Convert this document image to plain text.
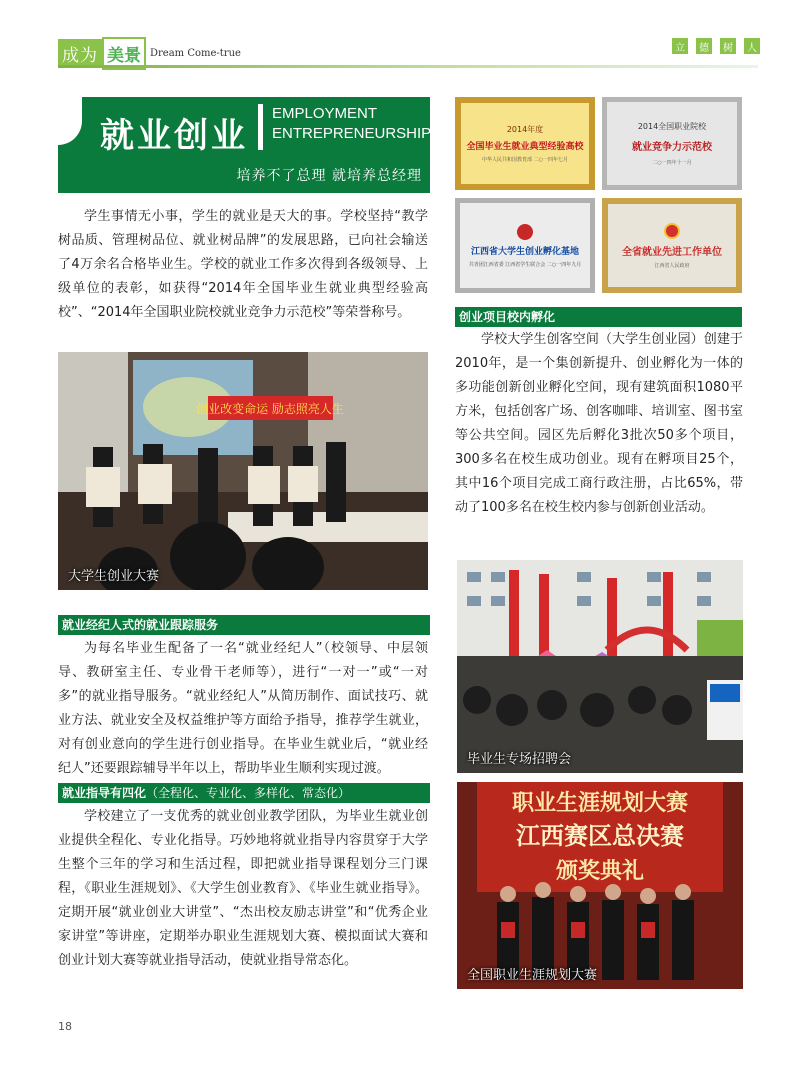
成为 美景 Dream Come-true	立	德	树	人
就业创业
EMPLOYMENT
ENTREPRENEURSHIP
培养不了总理 就培养总经理

学生事情无小事，学生的就业是天大的事。学校坚持“教学树品质、管理树品位、就业树品牌”的发展思路，已向社会输送了4万余名合格毕业生。学校的就业工作多次得到各级领导、上级单位的表彰，如获得“2014年全国毕业生就业典型经验高校”、“2014年全国职业院校就业竞争力示范校”等荣誉称号。

创业改变命运 励志照亮人生
大学生创业大赛
就业经纪人式的就业跟踪服务

为每名毕业生配备了一名“就业经纪人”（校领导、中层领导、教研室主任、专业骨干老师等），进行“一对一”或“一对多”的就业指导服务。“就业经纪人”从简历制作、面试技巧、就业方法、就业安全及权益维护等方面给予指导，推荐学生就业，对有创业意向的学生进行创业指导。在毕业生就业后，“就业经纪人”还要跟踪辅导半年以上，帮助毕业生顺利实现过渡。

就业指导有四化（全程化、专业化、多样化、常态化）

学校建立了一支优秀的就业创业教学团队，为毕业生就业创业提供全程化、专业化指导。巧妙地将就业指导内容贯穿于大学生整个三年的学习和生活过程，即把就业指导课程划分三门课程，《职业生涯规划》、《大学生创业教育》、《毕业生就业指导》。定期开展“就业创业大讲堂”、“杰出校友励志讲堂”和“优秀企业家讲堂”等讲座，定期举办职业生涯规划大赛、模拟面试大赛和创业计划大赛等就业指导活动，使就业指导常态化。

2014年度
全国毕业生就业典型经验高校
中华人民共和国教育部 二○一四年七月
2014全国职业院校
就业竞争力示范校
二○一四年十一月
江西省大学生创业孵化基地
共青团江西省委 江西省学生联合会 二○一四年九月
全省就业先进工作单位
江西省人民政府
创业项目校内孵化

学校大学生创客空间（大学生创业园）创建于2010年，是一个集创新提升、创业孵化为一体的多功能创新创业孵化空间，现有建筑面积1080平方米，包括创客广场、创客咖啡、培训室、图书室等公共空间。园区先后孵化3批次50多个项目，300多名在校生成功创业。现有在孵项目25个，其中16个项目完成工商行政注册，占比65%，带动了100多名在校生校内参与创新创业活动。

毕业生专场招聘会
职业生涯规划大赛
江西赛区总决赛
颁奖典礼
全国职业生涯规划大赛
18
